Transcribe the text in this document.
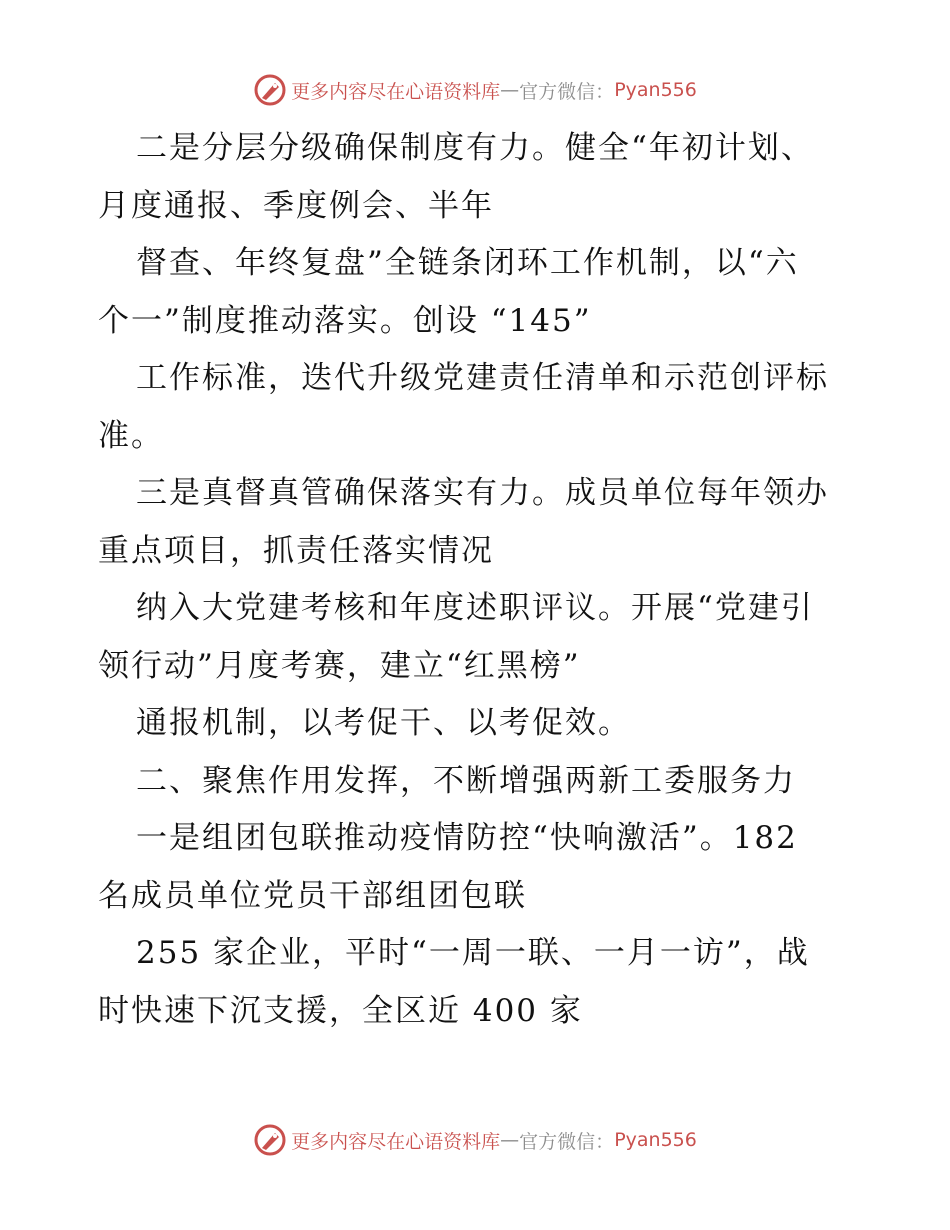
更多内容尽在心语资料库 — 官方微信： Pyan556
二是分层分级确保制度有力。健全“年初计划、
月度通报、季度例会、半年
督查、年终复盘”全链条闭环工作机制，以“六
个一”制度推动落实。创设 “145”
工作标准，迭代升级党建责任清单和示范创评标
准。
三是真督真管确保落实有力。成员单位每年领办
重点项目，抓责任落实情况
纳入大党建考核和年度述职评议。开展“党建引
领行动”月度考赛，建立“红黑榜”
通报机制，以考促干、以考促效。
二、聚焦作用发挥，不断增强两新工委服务力
一是组团包联推动疫情防控“快响激活”。182
名成员单位党员干部组团包联
255 家企业，平时“一周一联、一月一访”，战
时快速下沉支援，全区近 400 家
更多内容尽在心语资料库 — 官方微信： Pyan556
